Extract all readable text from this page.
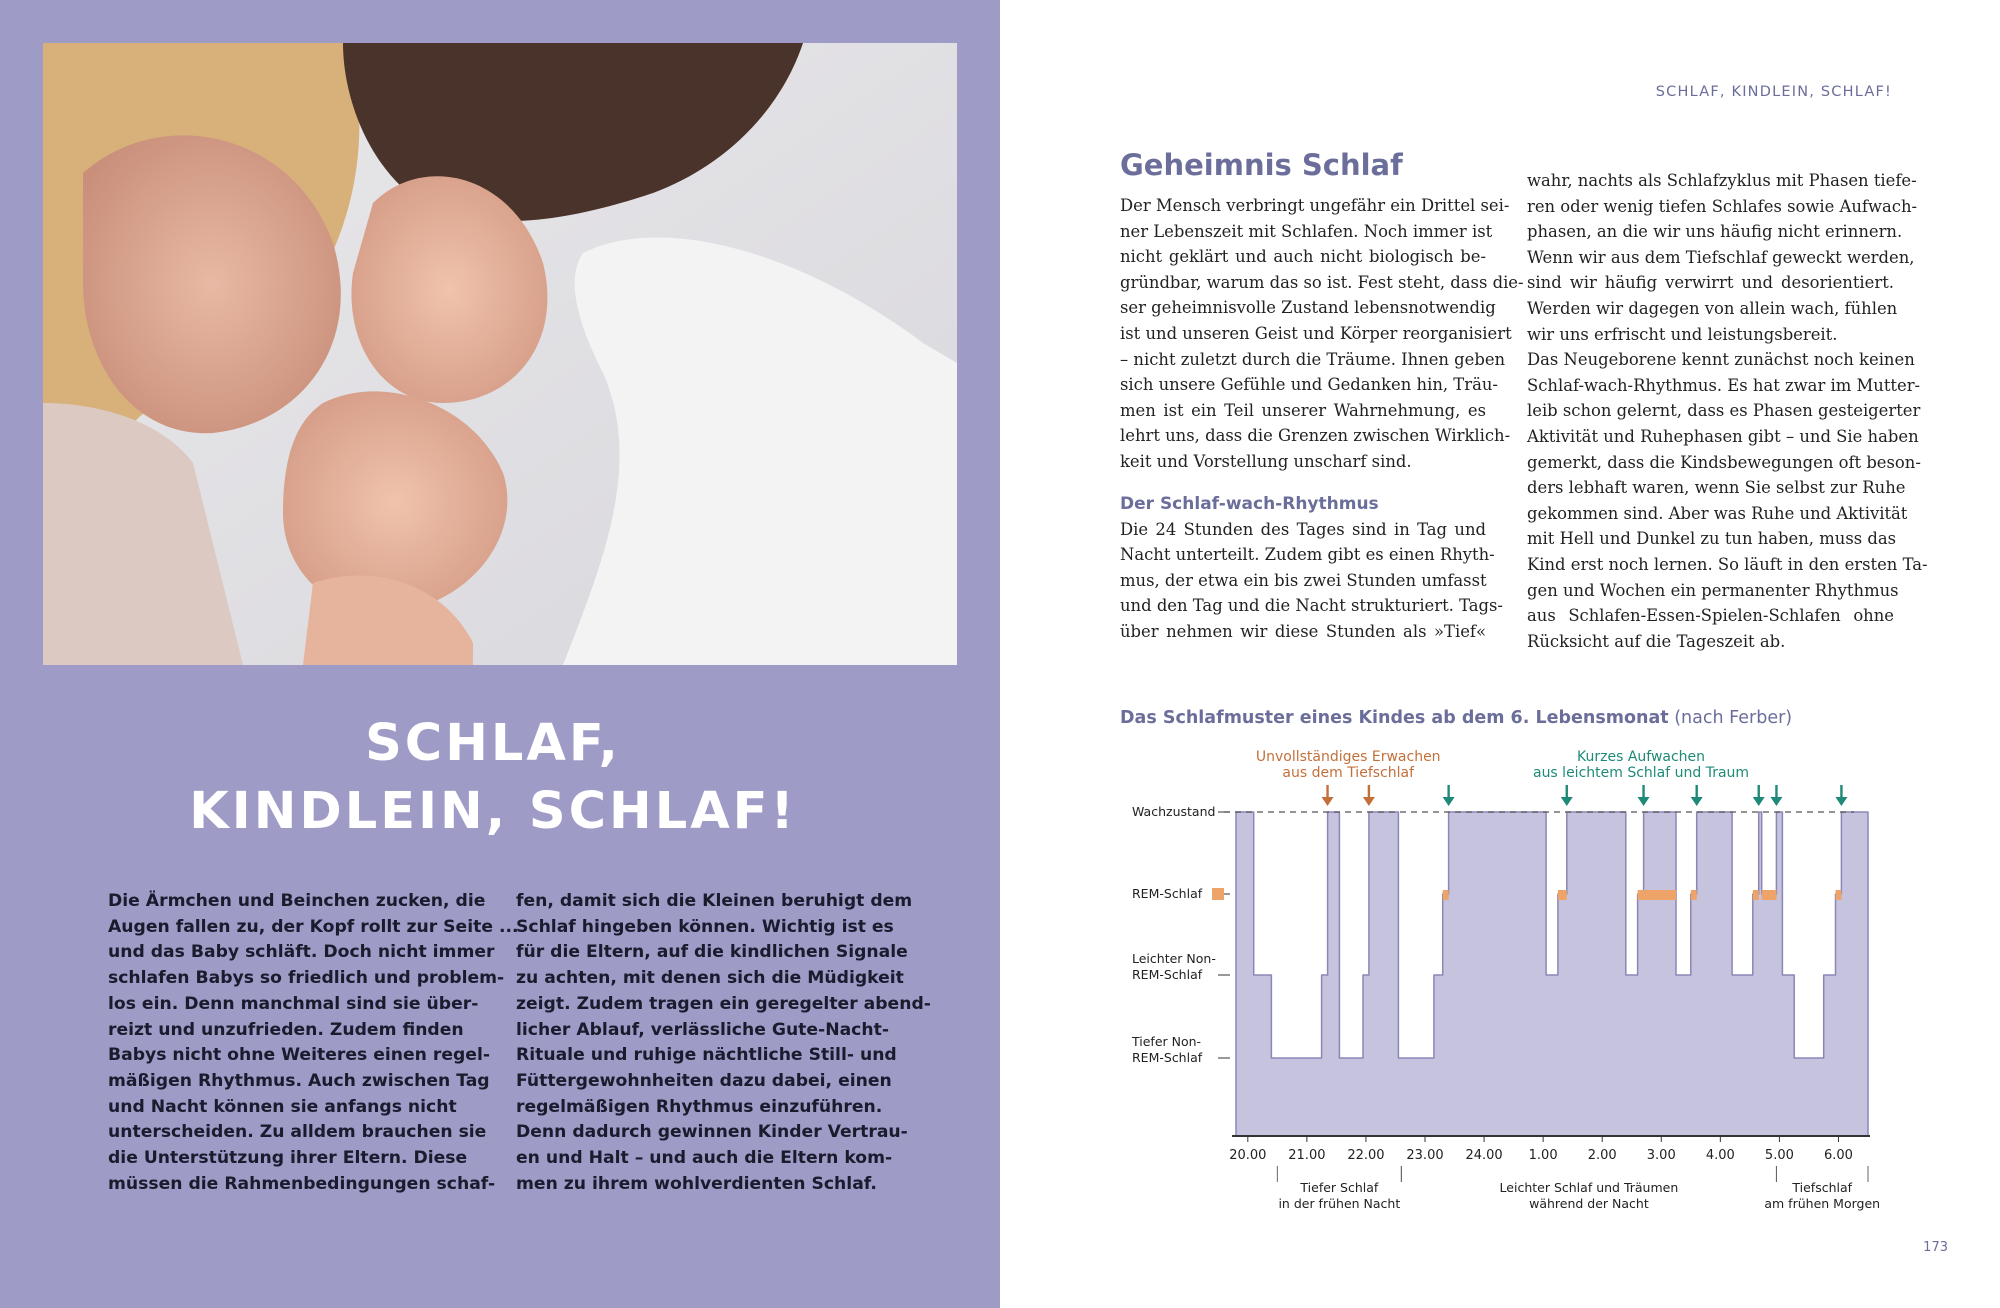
SCHLAF,
KINDLEIN, SCHLAF!
Die Ärmchen und Beinchen zucken, die
Augen fallen zu, der Kopf rollt zur Seite ...
und das Baby schläft. Doch nicht immer
schlafen Babys so friedlich und problem-
los ein. Denn manchmal sind sie über-
reizt und unzufrieden. Zudem finden
Babys nicht ohne Weiteres einen regel-
mäßigen Rhythmus. Auch zwischen Tag
und Nacht können sie anfangs nicht
unterscheiden. Zu alldem brauchen sie
die Unterstützung ihrer Eltern. Diese
müssen die Rahmenbedingungen schaf-
fen, damit sich die Kleinen beruhigt dem
Schlaf hingeben können. Wichtig ist es
für die Eltern, auf die kindlichen Signale
zu achten, mit denen sich die Müdigkeit
zeigt. Zudem tragen ein geregelter abend-
licher Ablauf, verlässliche Gute-Nacht-
Rituale und ruhige nächtliche Still- und
Füttergewohnheiten dazu dabei, einen
regelmäßigen Rhythmus einzuführen.
Denn dadurch gewinnen Kinder Vertrau-
en und Halt – und auch die Eltern kom-
men zu ihrem wohlverdienten Schlaf.
SCHLAF, KINDLEIN, SCHLAF!
Geheimnis Schlaf
Der Mensch verbringt ungefähr ein Drittel sei-
ner Lebenszeit mit Schlafen. Noch immer ist
nicht geklärt und auch nicht biologisch be-
gründbar, warum das so ist. Fest steht, dass die-
ser geheimnisvolle Zustand lebensnotwendig
ist und unseren Geist und Körper reorganisiert
– nicht zuletzt durch die Träume. Ihnen geben
sich unsere Gefühle und Gedanken hin, Träu-
men ist ein Teil unserer Wahrnehmung, es
lehrt uns, dass die Grenzen zwischen Wirklich-
keit und Vorstellung unscharf sind.
Der Schlaf-wach-Rhythmus
Die 24 Stunden des Tages sind in Tag und
Nacht unterteilt. Zudem gibt es einen Rhyth-
mus, der etwa ein bis zwei Stunden umfasst
und den Tag und die Nacht strukturiert. Tags-
über nehmen wir diese Stunden als »Tief«
wahr, nachts als Schlafzyklus mit Phasen tiefe-
ren oder wenig tiefen Schlafes sowie Aufwach-
phasen, an die wir uns häufig nicht erinnern.
Wenn wir aus dem Tiefschlaf geweckt werden,
sind wir häufig verwirrt und desorientiert.
Werden wir dagegen von allein wach, fühlen
wir uns erfrischt und leistungsbereit.
Das Neugeborene kennt zunächst noch keinen
Schlaf-wach-Rhythmus. Es hat zwar im Mutter-
leib schon gelernt, dass es Phasen gesteigerter
Aktivität und Ruhephasen gibt – und Sie haben
gemerkt, dass die Kindsbewegungen oft beson-
ders lebhaft waren, wenn Sie selbst zur Ruhe
gekommen sind. Aber was Ruhe und Aktivität
mit Hell und Dunkel zu tun haben, muss das
Kind erst noch lernen. So läuft in den ersten Ta-
gen und Wochen ein permanenter Rhythmus
aus Schlafen-Essen-Spielen-Schlafen ohne
Rücksicht auf die Tageszeit ab.
Das Schlafmuster eines Kindes ab dem 6. Lebensmonat (nach Ferber)
Wachzustand
REM-Schlaf
Leichter Non-
REM-Schlaf
Tiefer Non-
REM-Schlaf
20.00 21.00 22.00 23.00 24.00 1.00 2.00 3.00 4.00 5.00 6.00
Tiefer Schlaf
in der frühen Nacht
Leichter Schlaf und Träumen
während der Nacht
Tiefschlaf
am frühen Morgen
Unvollständiges Erwachen
aus dem Tiefschlaf
Kurzes Aufwachen
aus leichtem Schlaf und Traum
173
